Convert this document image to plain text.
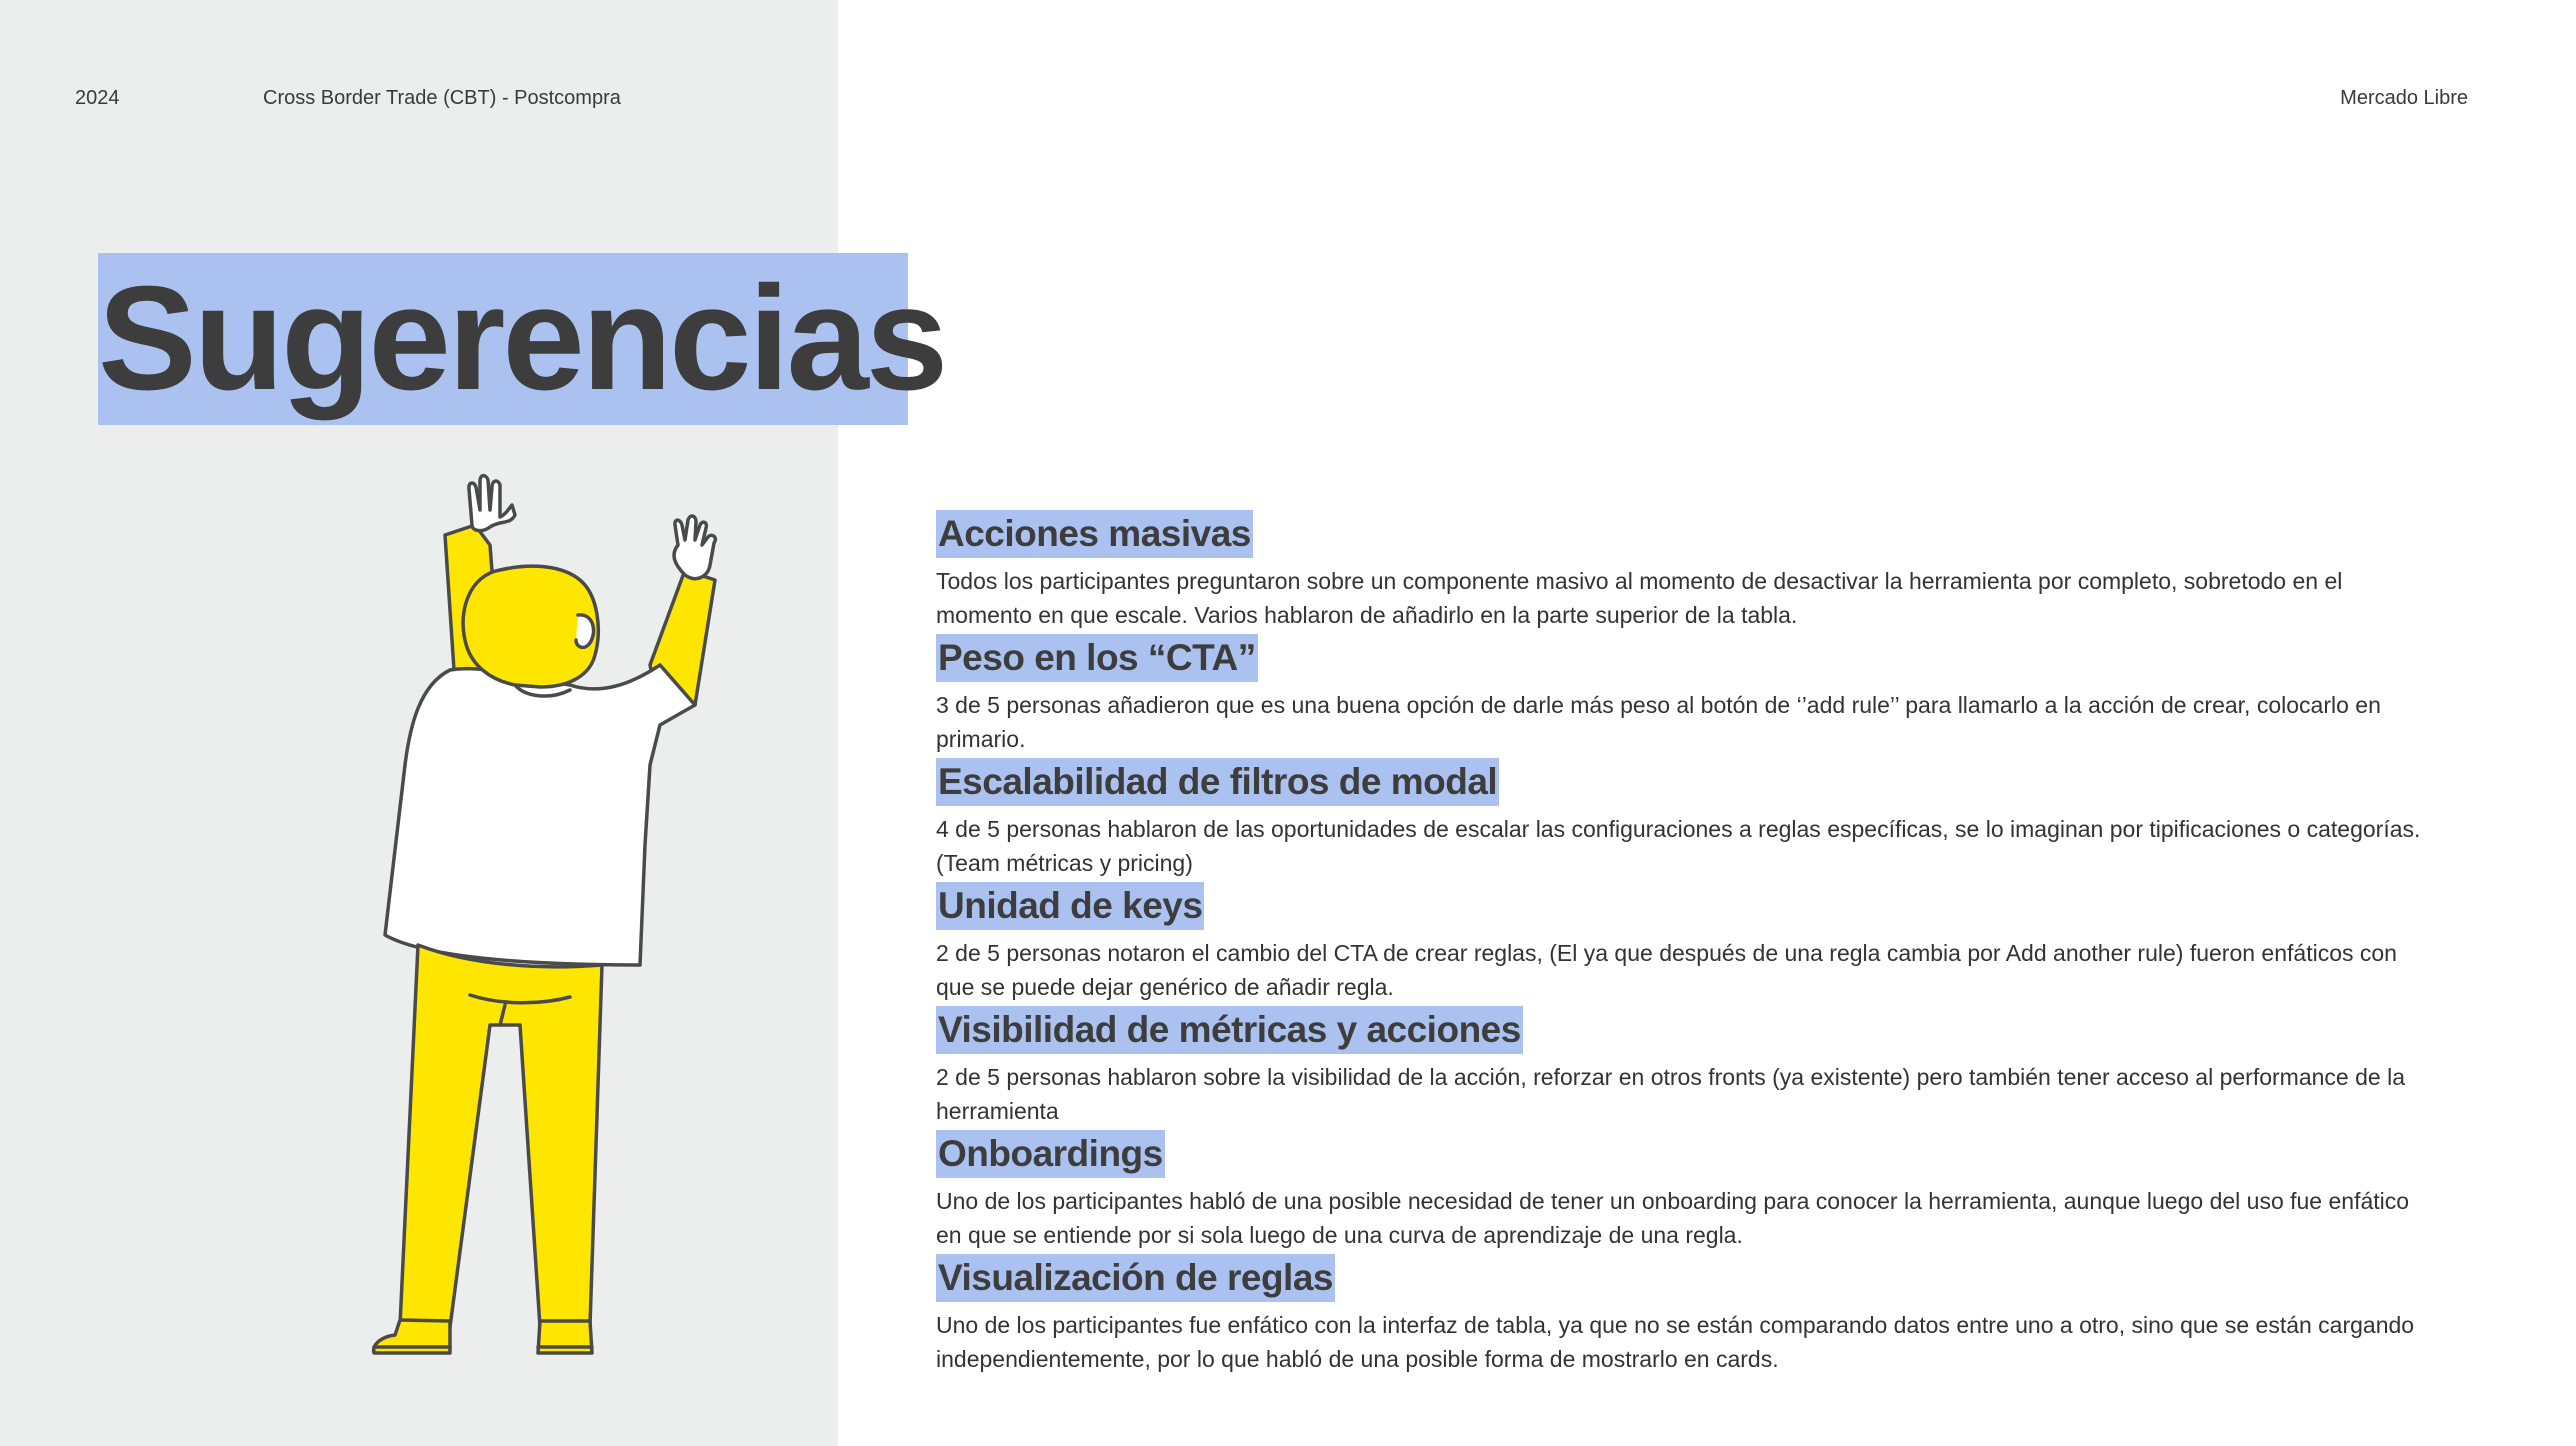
2024	Cross Border Trade (CBT) - Postcompra	Mercado Libre
Sugerencias
Acciones masivas

Todos los participantes preguntaron sobre un componente masivo al momento de desactivar la herramienta por completo, sobretodo en el momento en que escale. Varios hablaron de añadirlo en la parte superior de la tabla.

Peso en los “CTA”

3 de 5 personas añadieron que es una buena opción de darle más peso al botón de ‘’add rule’’ para llamarlo a la acción de crear, colocarlo en primario.

Escalabilidad de filtros de modal

4 de 5 personas hablaron de las oportunidades de escalar las configuraciones a reglas específicas, se lo imaginan por tipificaciones o categorías. (Team métricas y pricing)

Unidad de keys

2 de 5 personas notaron el cambio del CTA de crear reglas, (El ya que después de una regla cambia por Add another rule) fueron enfáticos con que se puede dejar genérico de añadir regla.

Visibilidad de métricas y acciones

2 de 5 personas hablaron sobre la visibilidad de la acción, reforzar en otros fronts (ya existente) pero también tener acceso al performance de la herramienta

Onboardings

Uno de los participantes habló de una posible necesidad de tener un onboarding para conocer la herramienta, aunque luego del uso fue enfático en que se entiende por si sola luego de una curva de aprendizaje de una regla.

Visualización de reglas

Uno de los participantes fue enfático con la interfaz de tabla, ya que no se están comparando datos entre uno a otro, sino que se están cargando independientemente, por lo que habló de una posible forma de mostrarlo en cards.
